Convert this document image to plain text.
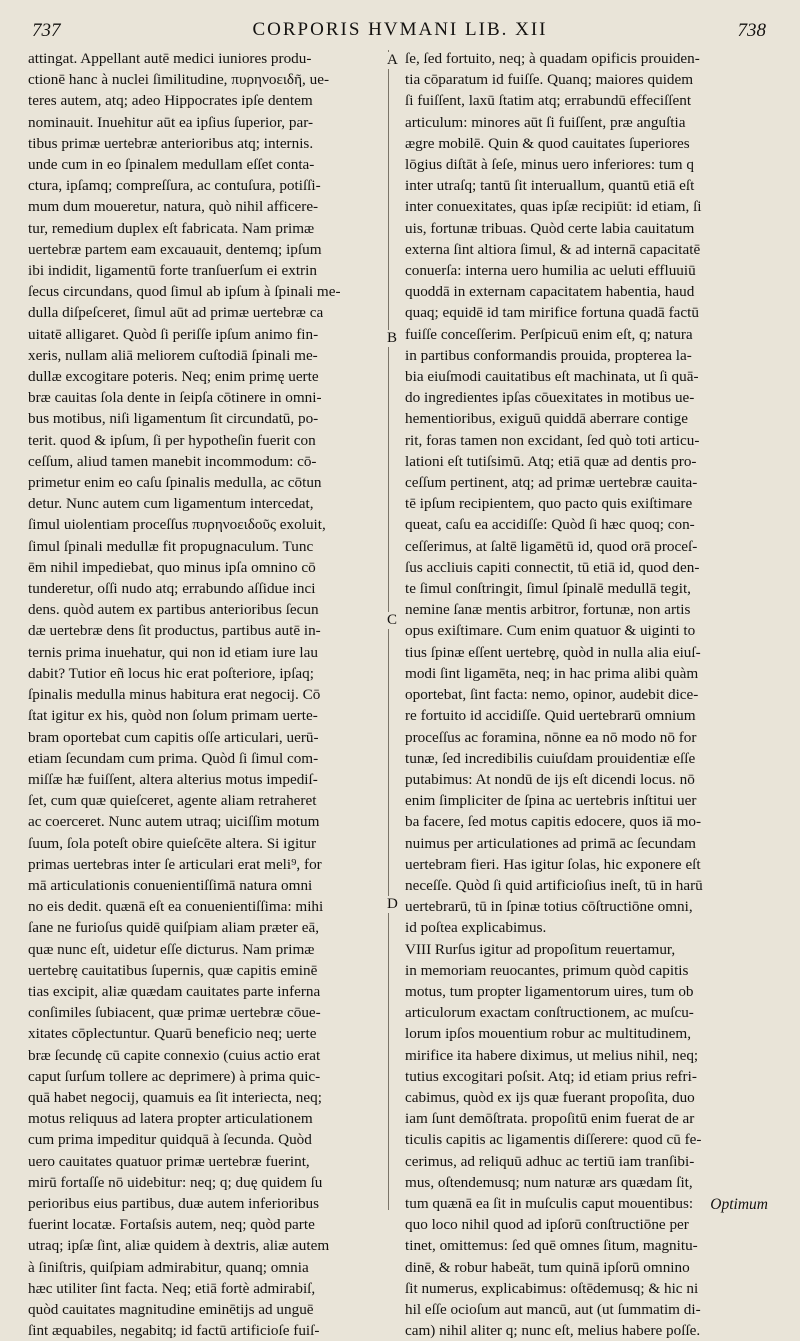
737	CORPORIS HVMANI LIB. XII	738
attingat. Appellant autē medici iuniores produ-
ctionē hanc à nuclei ſimilitudine, πυρηνοειδῆ, ue-
teres autem, atq; adeo Hippocrates ipſe dentem
nominauit. Inuehitur aūt ea ipſius ſuperior, par-
tibus primæ uertebræ anterioribus atq; internis.
unde cum in eo ſpinalem medullam eſſet conta-
ctura, ipſamq; compreſſura, ac contuſura, potiſſi-
mum dum moueretur, natura, quò nihil afficere-
tur, remedium duplex eſt fabricata. Nam primæ
uertebræ partem eam excauauit, dentemq; ipſum
ibi indidit, ligamentū forte tranſuerſum ei extrin
ſecus circundans, quod ſimul ab ipſum à ſpinali me-
dulla diſpeſceret, ſimul aūt ad primæ uertebræ ca
uitatē alligaret. Quòd ſi periſſe ipſum animo fin-
xeris, nullam aliā meliorem cuſtodiā ſpinali me-
dullæ excogitare poteris. Neq; enim primę uerte
bræ cauitas ſola dente in ſeipſa cōtinere in omni-
bus motibus, niſi ligamentum ſit circundatū, po-
terit. quod & ipſum, ſi per hypotheſin fuerit con
ceſſum, aliud tamen manebit incommodum: cō-
primetur enim eo caſu ſpinalis medulla, ac cōtun
detur. Nunc autem cum ligamentum intercedat,
ſimul uiolentiam proceſſus πυρηνοειδοῦς exoluit,
ſimul ſpinali medullæ fit propugnaculum. Tunc
ēm nihil impediebat, quo minus ipſa omnino cō
tunderetur, oſſi nudo atq; errabundo aſſidue inci
dens. quòd autem ex partibus anterioribus ſecun
dæ uertebræ dens ſit productus, partibus autē in-
ternis prima inuehatur, qui non id etiam iure lau
dabit? Tutior eñ locus hic erat poſteriore, ipſaq;
ſpinalis medulla minus habitura erat negocij. Cō
ſtat igitur ex his, quòd non ſolum primam uerte-
bram oportebat cum capitis oſſe articulari, uerū-
etiam ſecundam cum prima. Quòd ſi ſimul com-
miſſæ hæ fuiſſent, altera alterius motus impediſ-
ſet, cum quæ quieſceret, agente aliam retraheret
ac coerceret. Nunc autem utraq; uiciſſim motum
ſuum, ſola poteſt obire quieſcēte altera. Si igitur
primas uertebras inter ſe articulari erat meli⁹, for
mā articulationis conuenientiſſimā natura omni
no eis dedit. quænā eſt ea conuenientiſſima: mihi
ſane ne furioſus quidē quiſpiam aliam præter eā,
quæ nunc eſt, uidetur eſſe dicturus. Nam primæ
uertebrę cauitatibus ſupernis, quæ capitis eminē
tias excipit, aliæ quædam cauitates parte inferna
conſimiles ſubiacent, quæ primæ uertebræ cōue-
xitates cōplectuntur. Quarū beneficio neq; uerte
bræ ſecundę cū capite connexio (cuius actio erat
caput ſurſum tollere ac deprimere) à prima quic-
quā habet negocij, quamuis ea ſit interiecta, neq;
motus reliquus ad latera propter articulationem
cum prima impeditur quidquā à ſecunda. Quòd
uero cauitates quatuor primæ uertebræ fuerint,
mirū fortaſſe nō uidebitur: neq; q; duę quidem ſu
perioribus eius partibus, duæ autem inferioribus
fuerint locatæ. Fortaſsis autem, neq; quòd parte
utraq; ipſæ ſint, aliæ quidem à dextris, aliæ autem
à ſiniſtris, quiſpiam admirabitur, quanq; omnia
hæc utiliter ſint facta. Neq; etiā fortè admirabiſ,
quòd cauitates magnitudine eminētijs ad unguē
ſint æquabiles, negabitq; id factū artificioſe fuiſ-
ſe, ſed fortuito, neq; à quadam opificis prouiden-
tia cōparatum id fuiſſe. Quanq; maiores quidem
ſi fuiſſent, laxū ſtatim atq; errabundū effeciſſent
articulum: minores aūt ſi fuiſſent, præ anguſtia
ægre mobilē. Quin & quod cauitates ſuperiores
lōgius diſtāt à ſeſe, minus uero inferiores: tum q
inter utraſq; tantū ſit interuallum, quantū etiā eſt
inter conuexitates, quas ipſæ recipiūt: id etiam, ſi
uis, fortunæ tribuas. Quòd certe labia cauitatum
externa ſint altiora ſimul, & ad internā capacitatē
conuerſa: interna uero humilia ac ueluti effluuiū
quoddā in externam capacitatem habentia, haud
quaq; equidē id tam mirifice fortuna quadā factū
fuiſſe conceſſerim. Perſpicuū enim eſt, q; natura
in partibus conformandis prouida, propterea la-
bia eiuſmodi cauitatibus eſt machinata, ut ſi quā-
do ingredientes ipſas cōuexitates in motibus ue-
hementioribus, exiguū quiddā aberrare contige
rit, foras tamen non excidant, ſed quò toti articu-
lationi eſt tutiſsimū. Atq; etiā quæ ad dentis pro-
ceſſum pertinent, atq; ad primæ uertebræ cauita-
tē ipſum recipientem, quo pacto quis exiſtimare
queat, caſu ea accidiſſe: Quòd ſi hæc quoq; con-
ceſſerimus, at ſaltē ligamētū id, quod orā proceſ-
ſus accliuis capiti connectit, tū etiā id, quod den-
te ſimul conſtringit, ſimul ſpinalē medullā tegit,
nemine ſanæ mentis arbitror, fortunæ, non artis
opus exiſtimare. Cum enim quatuor & uiginti to
tius ſpinæ eſſent uertebrę, quòd in nulla alia eiuſ-
modi ſint ligamēta, neq; in hac prima alibi quàm
oportebat, ſint facta: nemo, opinor, audebit dice-
re fortuito id accidiſſe. Quid uertebrarū omnium
proceſſus ac foramina, nōnne ea nō modo nō for
tunæ, ſed incredibilis cuiuſdam prouidentiæ eſſe
putabimus: At nondū de ijs eſt dicendi locus. nō
enim ſimpliciter de ſpina ac uertebris inſtitui uer
ba facere, ſed motus capitis edocere, quos iā mo-
nuimus per articulationes ad primā ac ſecundam
uertebram fieri. Has igitur ſolas, hic exponere eſt
neceſſe. Quòd ſi quid artificioſius ineſt, tū in harū
uertebrarū, tū in ſpinæ totius cōſtructiōne omni,
id poſtea explicabimus.
VIII Rurſus igitur ad propoſitum reuertamur,
in memoriam reuocantes, primum quòd capitis
motus, tum propter ligamentorum uires, tum ob
articulorum exactam conſtructionem, ac muſcu-
lorum ipſos mouentium robur ac multitudinem,
mirifice ita habere diximus, ut melius nihil, neq;
tutius excogitari poſsit. Atq; id etiam prius refri-
cabimus, quòd ex ijs quæ fuerant propoſita, duo
iam ſunt demōſtrata. propoſitū enim fuerat de ar
ticulis capitis ac ligamentis diſſerere: quod cū fe-
cerimus, ad reliquū adhuc ac tertiū iam tranſibi-
mus, oſtendemusq; num naturæ ars quædam ſit,
tum quænā ea ſit in muſculis caput mouentibus:
quo loco nihil quod ad ipſorū conſtructiōne per
tinet, omittemus: ſed quē omnes ſitum, magnitu-
dinē, & robur habeāt, tum quinā ipſorū omnino
ſit numerus, explicabimus: oſtēdemusq; & hic ni
hil eſſe ocioſum aut mancū, aut (ut ſummatim di-
cam) nihil aliter q; nunc eſt, melius habere poſſe.
A
B
C
D
Optimum
